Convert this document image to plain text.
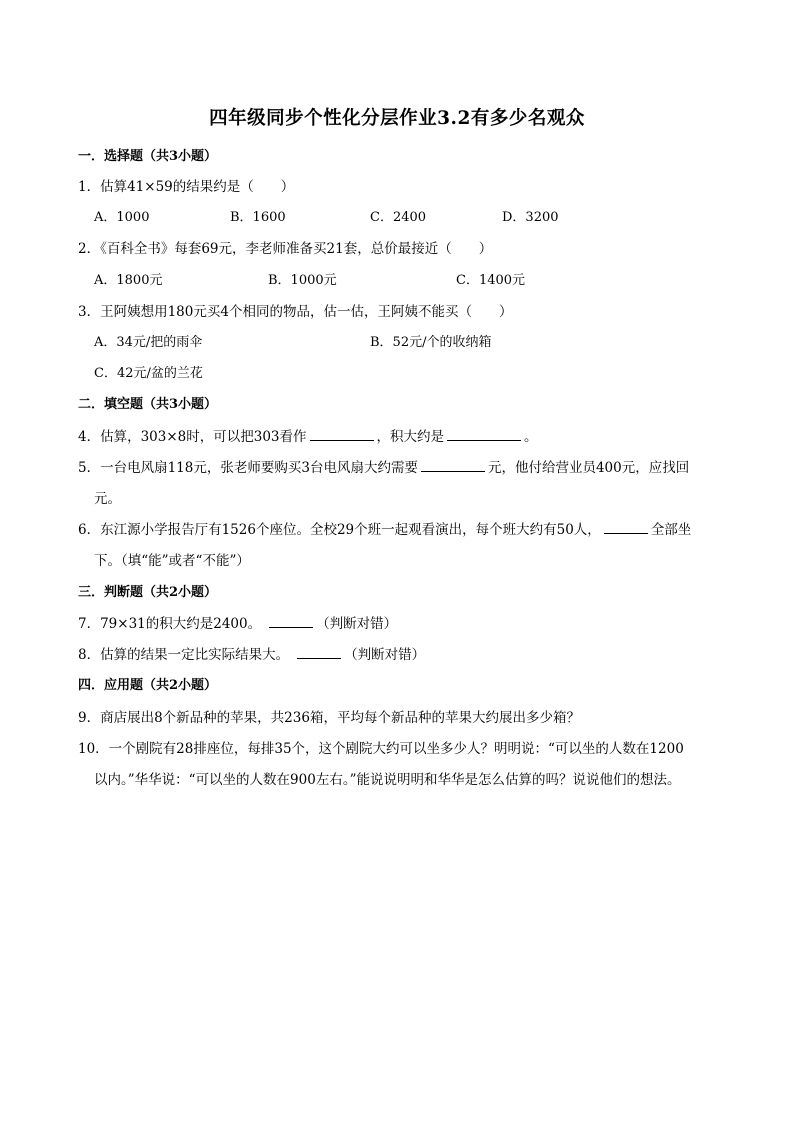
四年级同步个性化分层作业3.2有多少名观众
一．选择题（共3小题）
1．估算41×59的结果约是（　　）
A．1000	B．1600	C．2400	D．3200
2．《百科全书》每套69元，李老师准备买21套，总价最接近（　　）
A．1800元	B．1000元	C．1400元
3．王阿姨想用180元买4个相同的物品，估一估，王阿姨不能买（　　）
A．34元/把的雨伞	B．52元/个的收纳箱
C．42元/盆的兰花
二．填空题（共3小题）
4．估算，303×8时，可以把303看作	，积大约是	。
5．一台电风扇118元，张老师要购买3台电风扇大约需要	元，他付给营业员400元，应找回
元。
6．东江源小学报告厅有1526个座位。全校29个班一起观看演出，每个班大约有50人，	全部坐
下。（填“能”或者“不能”）
三．判断题（共2小题）
7．79×31的积大约是2400。	（判断对错）
8．估算的结果一定比实际结果大。	（判断对错）
四．应用题（共2小题）
9．商店展出8个新品种的苹果，共236箱，平均每个新品种的苹果大约展出多少箱？
10．一个剧院有28排座位，每排35个，这个剧院大约可以坐多少人？明明说：“可以坐的人数在1200
以内。”华华说：“可以坐的人数在900左右。”能说说明明和华华是怎么估算的吗？说说他们的想法。
